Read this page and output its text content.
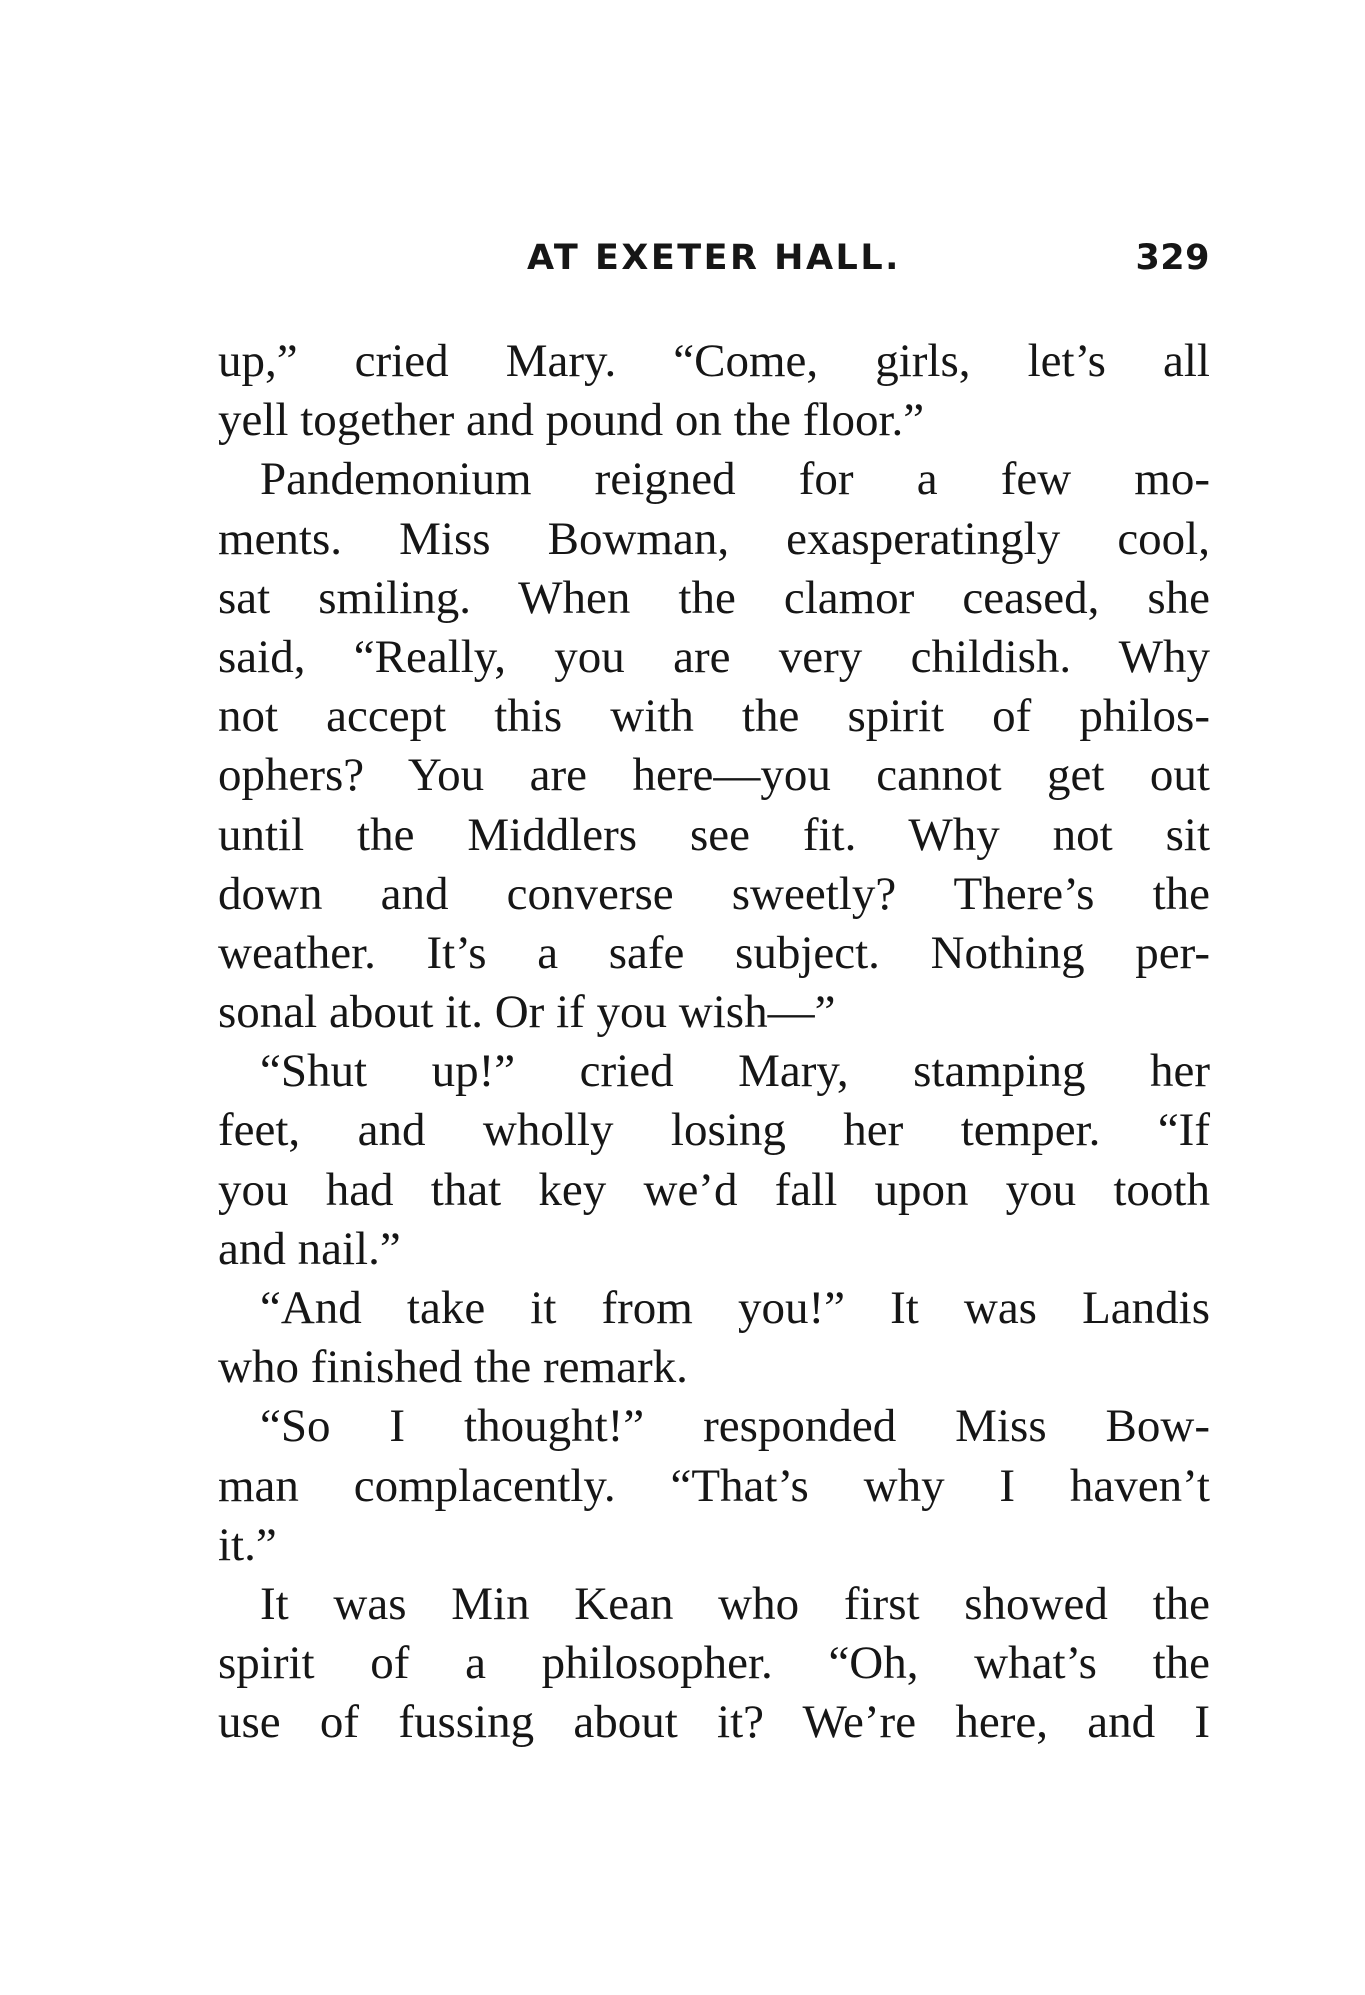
AT EXETER HALL.	329
up,” cried Mary. “Come, girls, let’s all
yell together and pound on the floor.”
Pandemonium reigned for a few mo-
ments. Miss Bowman, exasperatingly cool,
sat smiling. When the clamor ceased, she
said, “Really, you are very childish. Why
not accept this with the spirit of philos-
ophers? You are here—you cannot get out
until the Middlers see fit. Why not sit
down and converse sweetly? There’s the
weather. It’s a safe subject. Nothing per-
sonal about it. Or if you wish—”
“Shut up!” cried Mary, stamping her
feet, and wholly losing her temper. “If
you had that key we’d fall upon you tooth
and nail.”
“And take it from you!” It was Landis
who finished the remark.
“So I thought!” responded Miss Bow-
man complacently. “That’s why I haven’t
it.”
It was Min Kean who first showed the
spirit of a philosopher. “Oh, what’s the
use of fussing about it? We’re here, and I
